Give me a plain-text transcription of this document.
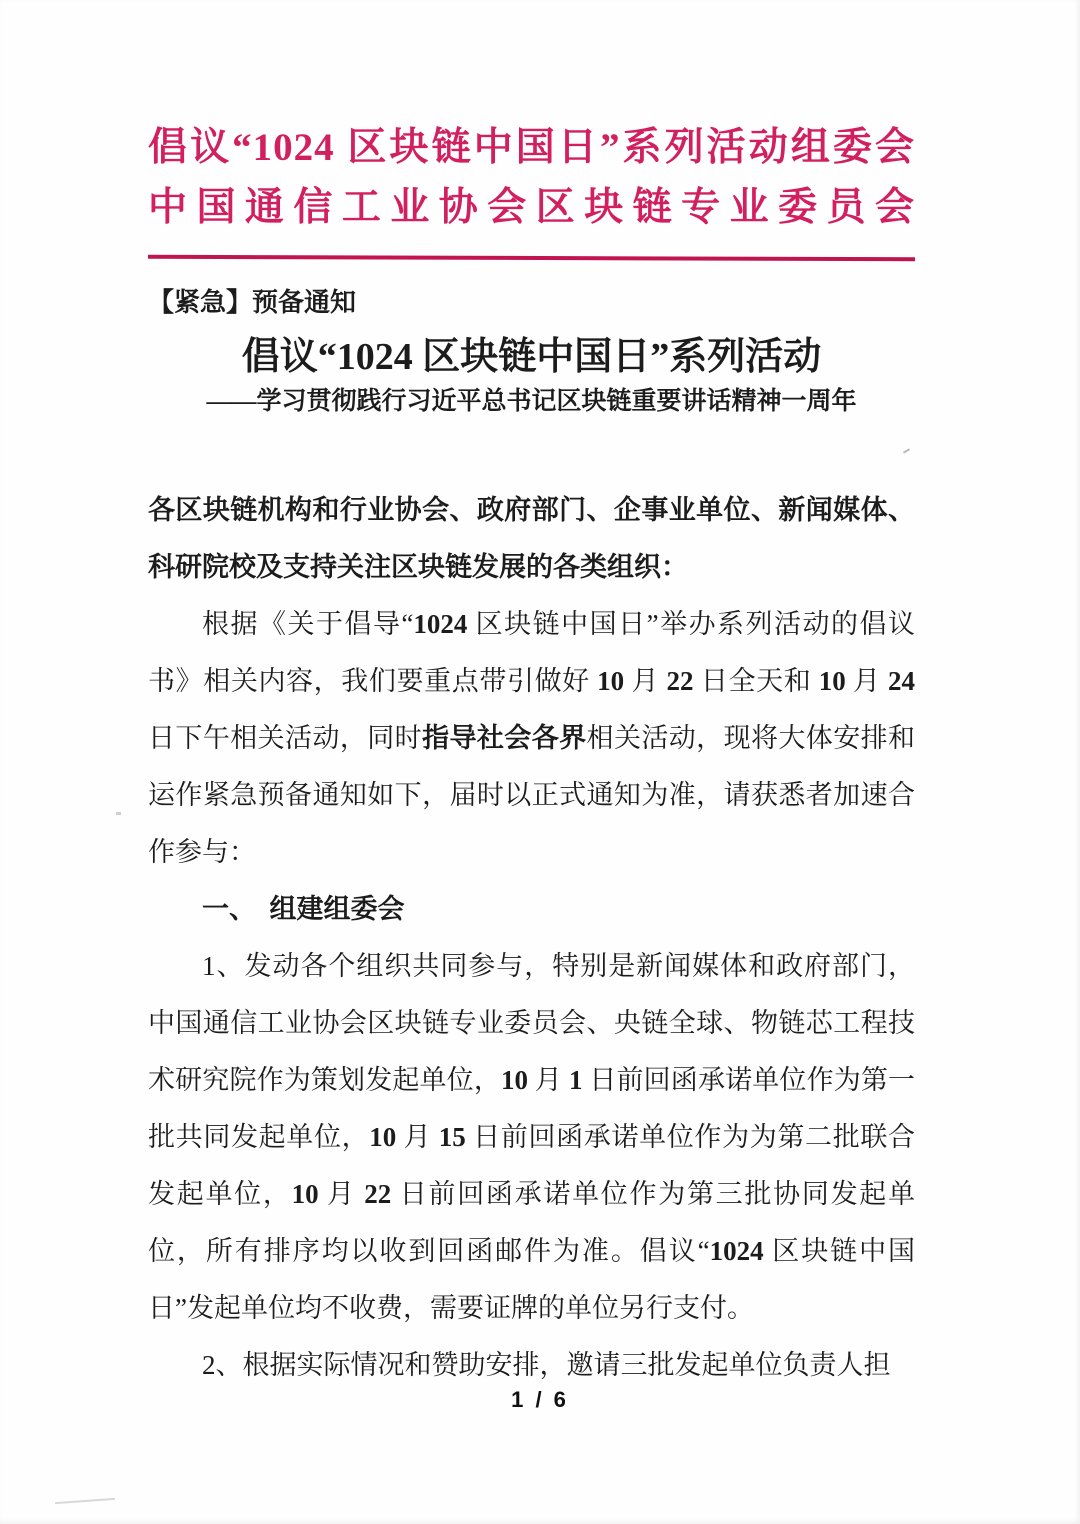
倡议“1024 区块链中国日”系列活动组委会
中国通信工业协会区块链专业委员会
【紧急】预备通知
倡议“1024 区块链中国日”系列活动
——学习贯彻践行习近平总书记区块链重要讲话精神一周年

各区块链机构和行业协会、政府部门、企事业单位、新闻媒体、科研院校及支持关注区块链发展的各类组织：

根据《关于倡导“1024 区块链中国日”举办系列活动的倡议书》相关内容，我们要重点带引做好 10 月 22 日全天和 10 月 24 日下午相关活动，同时指导社会各界相关活动，现将大体安排和运作紧急预备通知如下，届时以正式通知为准，请获悉者加速合作参与：

一、　组建组委会

1、发动各个组织共同参与，特别是新闻媒体和政府部门，中国通信工业协会区块链专业委员会、央链全球、物链芯工程技术研究院作为策划发起单位，10 月 1 日前回函承诺单位作为第一批共同发起单位，10 月 15 日前回函承诺单位作为为第二批联合发起单位，10 月 22 日前回函承诺单位作为第三批协同发起单位，所有排序均以收到回函邮件为准。倡议“1024 区块链中国日”发起单位均不收费，需要证牌的单位另行支付。

2、根据实际情况和赞助安排，邀请三批发起单位负责人担

1 / 6
